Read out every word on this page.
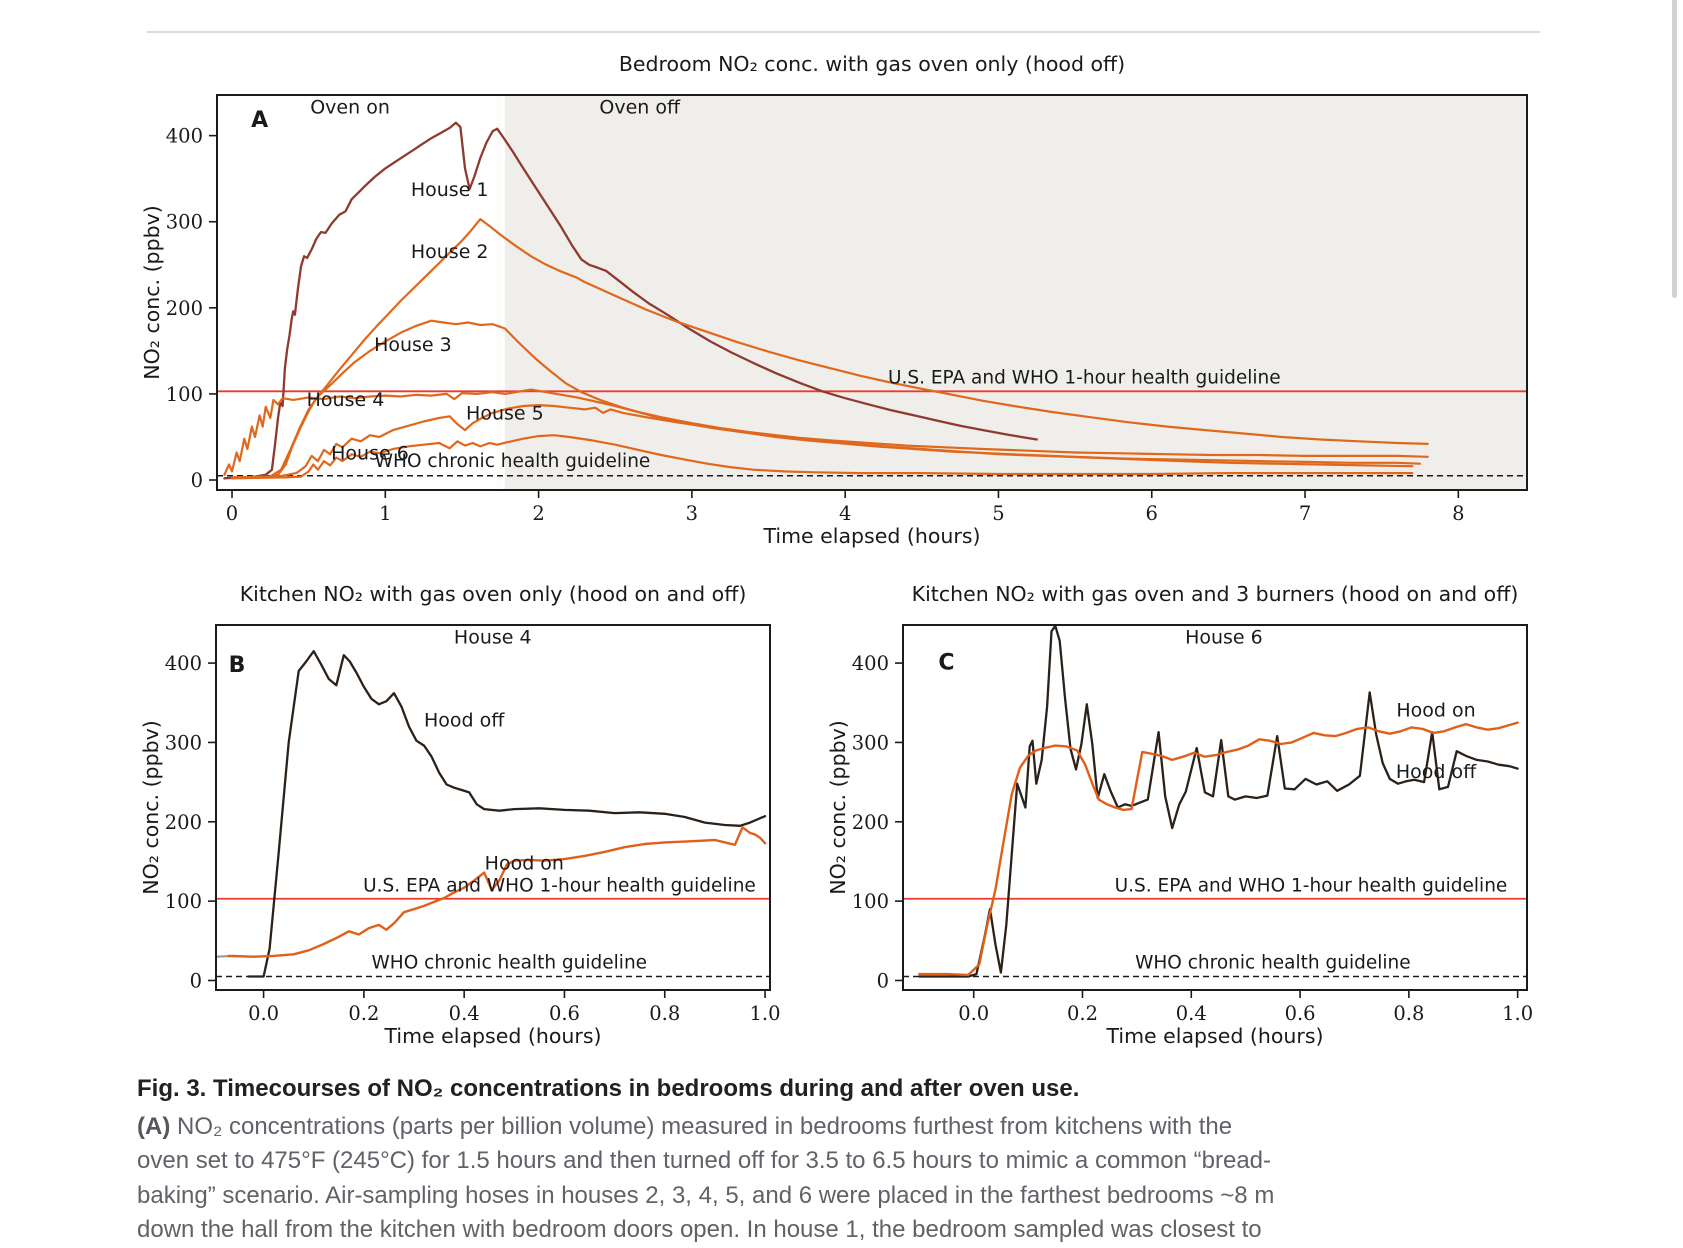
0	1	2	3	4	5	6	7	8
0
100
200
300
400
Bedroom NO₂ conc. with gas oven only (hood off)
Time elapsed (hours)
NO₂ conc. (ppbv)
A
Oven on	Oven off
House 1
House 2
House 3
House 4
House 5
House 6
U.S. EPA and WHO 1-hour health guideline
WHO chronic health guideline
0.0	0.2	0.4	0.6	0.8	1.0
0
100
200
300
400
Kitchen NO₂ with gas oven only (hood on and off)
Time elapsed (hours)
NO₂ conc. (ppbv)
B
House 4
Hood off
Hood on
U.S. EPA and WHO 1-hour health guideline
WHO chronic health guideline
0.0	0.2	0.4	0.6	0.8	1.0
0
100
200
300
400
Kitchen NO₂ with gas oven and 3 burners (hood on and off)
Time elapsed (hours)
NO₂ conc. (ppbv)
C
House 6
Hood on
Hood off
U.S. EPA and WHO 1-hour health guideline
WHO chronic health guideline
Fig. 3. Timecourses of NO₂ concentrations in bedrooms during and after oven use.
(A) NO₂ concentrations (parts per billion volume) measured in bedrooms furthest from kitchens with the
oven set to 475°F (245°C) for 1.5 hours and then turned off for 3.5 to 6.5 hours to mimic a common “bread-
baking” scenario. Air-sampling hoses in houses 2, 3, 4, 5, and 6 were placed in the farthest bedrooms ~8 m
down the hall from the kitchen with bedroom doors open. In house 1, the bedroom sampled was closest to
